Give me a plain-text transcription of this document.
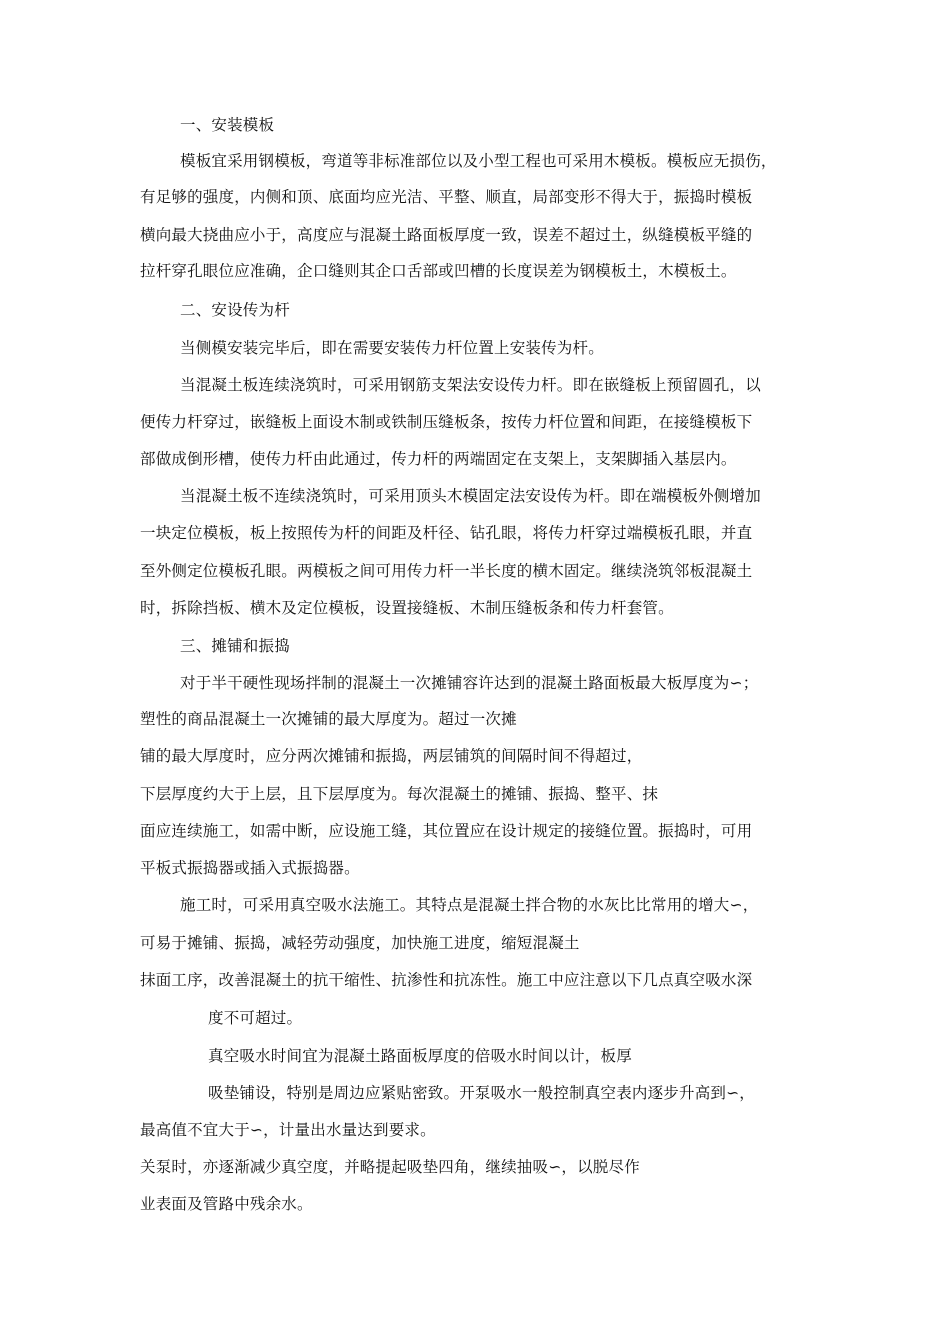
一、安装模板
模板宜采用钢模板，弯道等非标准部位以及小型工程也可采用木模板。模板应无损伤，
有足够的强度，内侧和顶、底面均应光洁、平整、顺直，局部变形不得大于，振捣时模板
横向最大挠曲应小于，高度应与混凝土路面板厚度一致，误差不超过土，纵缝模板平缝的
拉杆穿孔眼位应准确，企口缝则其企口舌部或凹槽的长度误差为钢模板土，木模板土。
二、安设传为杆
当侧模安装完毕后，即在需要安装传力杆位置上安装传为杆。
当混凝土板连续浇筑时，可采用钢筋支架法安设传力杆。即在嵌缝板上预留圆孔，以
便传力杆穿过，嵌缝板上面设木制或铁制压缝板条，按传力杆位置和间距，在接缝模板下
部做成倒形槽，使传力杆由此通过，传力杆的两端固定在支架上，支架脚插入基层内。
当混凝土板不连续浇筑时，可采用顶头木模固定法安设传为杆。即在端模板外侧增加
一块定位模板，板上按照传为杆的间距及杆径、钻孔眼，将传力杆穿过端模板孔眼，并直
至外侧定位模板孔眼。两模板之间可用传力杆一半长度的横木固定。继续浇筑邻板混凝土
时，拆除挡板、横木及定位模板，设置接缝板、木制压缝板条和传力杆套管。
三、摊铺和振捣
对于半干硬性现场拌制的混凝土一次摊铺容许达到的混凝土路面板最大板厚度为∽；
塑性的商品混凝土一次摊铺的最大厚度为。超过一次摊
铺的最大厚度时，应分两次摊铺和振捣，两层铺筑的间隔时间不得超过，
下层厚度约大于上层，且下层厚度为。每次混凝土的摊铺、振捣、整平、抹
面应连续施工，如需中断，应设施工缝，其位置应在设计规定的接缝位置。振捣时，可用
平板式振捣器或插入式振捣器。
施工时，可采用真空吸水法施工。其特点是混凝土拌合物的水灰比比常用的增大∽，
可易于摊铺、振捣，减轻劳动强度，加快施工进度，缩短混凝土
抹面工序，改善混凝土的抗干缩性、抗渗性和抗冻性。施工中应注意以下几点真空吸水深
度不可超过。
真空吸水时间宜为混凝土路面板厚度的倍吸水时间以计，板厚
吸垫铺设，特别是周边应紧贴密致。开泵吸水一般控制真空表内逐步升高到∽，
最高值不宜大于∽，计量出水量达到要求。
关泵时，亦逐渐减少真空度，并略提起吸垫四角，继续抽吸∽，以脱尽作
业表面及管路中残余水。
